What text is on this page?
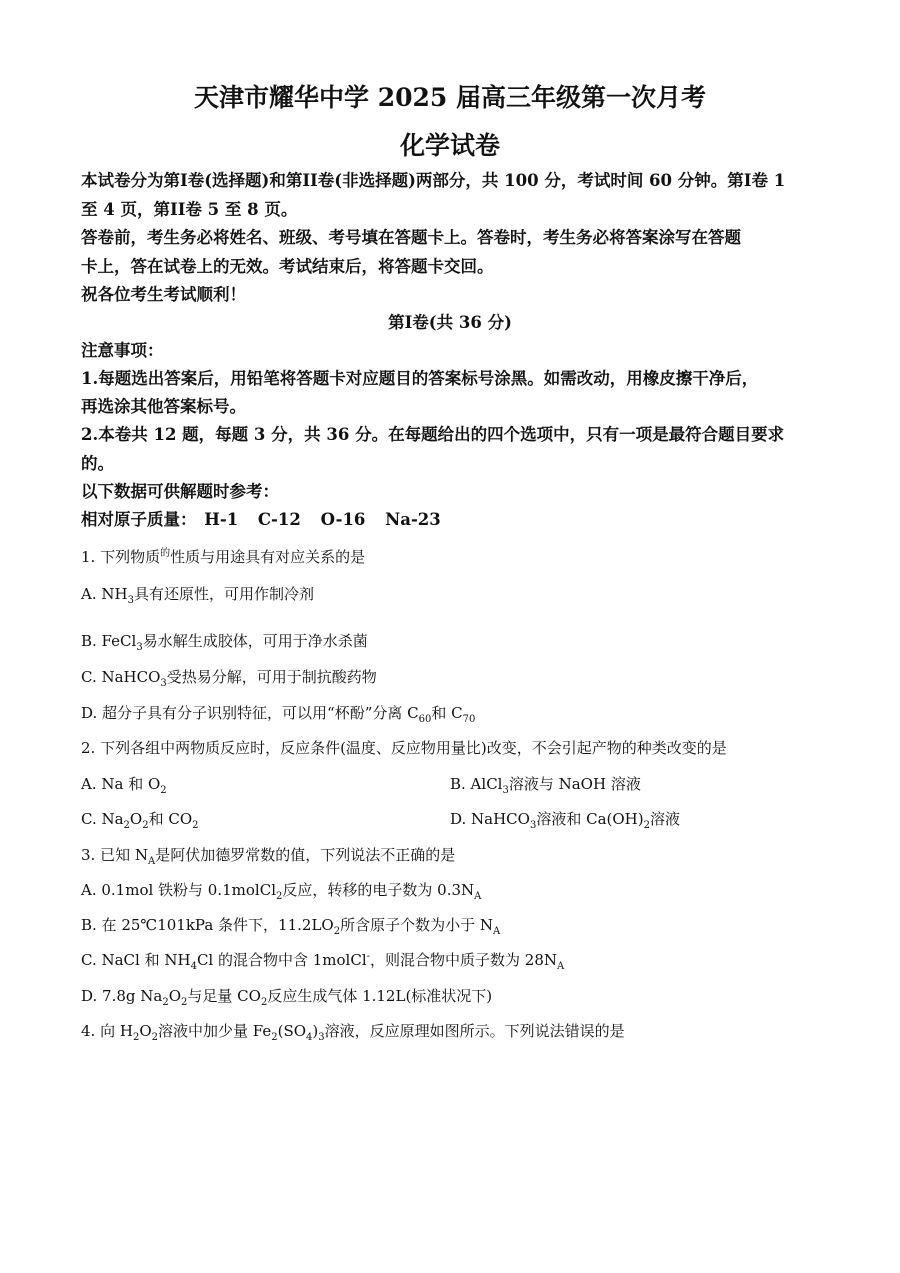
天津市耀华中学 2025 届高三年级第一次月考
化学试卷
本试卷分为第I卷(选择题)和第II卷(非选择题)两部分，共 100 分，考试时间 60 分钟。第I卷 1
至 4 页，第II卷 5 至 8 页。
答卷前，考生务必将姓名、班级、考号填在答题卡上。答卷时，考生务必将答案涂写在答题
卡上，答在试卷上的无效。考试结束后，将答题卡交回。
祝各位考生考试顺利！
第I卷(共 36 分)
注意事项：
1.每题选出答案后，用铅笔将答题卡对应题目的答案标号涂黑。如需改动，用橡皮擦干净后，
再选涂其他答案标号。
2.本卷共 12 题，每题 3 分，共 36 分。在每题给出的四个选项中，只有一项是最符合题目要求
的。
以下数据可供解题时参考：
相对原子质量： H-1 C-12 O-16 Na-23
1. 下列物质$^的$性质与用途具有对应关系的是
A. $NH_3$具有还原性，可用作制冷剂
B. FeCl$_3$易水解生成胶体，可用于净水杀菌
C. NaHCO$_3$受热易分解，可用于制抗酸药物
D. 超分子具有分子识别特征，可以用“杯酚”分离 $C_{60}$和 $C_{70}$
2. 下列各组中两物质反应时，反应条件(温度、反应物用量比)改变，不会引起产物的种类改变的是
A. Na 和 $O_2$	B. AlCl$_3$溶液与 NaOH 溶液
C. $Na_2O_2$和 $CO_2$	D. NaHCO$_3$溶液和 $Ca(OH)_2$溶液
3. 已知 $N_A$是阿伏加德罗常数的值，下列说法不正确的是
A. 0.1mol 铁粉与 0.1molCl$_2$反应，转移的电子数为 $0.3N_A$
B. 在 25℃101kPa 条件下，$11.2LO_2$所含原子个数为小于 $N_A$
C. NaCl 和 $NH_4Cl$ 的混合物中含 1molCl-，则混合物中质子数为 $28N_A$
D. 7.8g $Na_2O_2$与足量 $CO_2$反应生成气体 1.12L(标准状况下)
4. 向 $H_2O_2$溶液中加少量 $Fe_2(SO_4)_3$溶液，反应原理如图所示。下列说法错误的是
